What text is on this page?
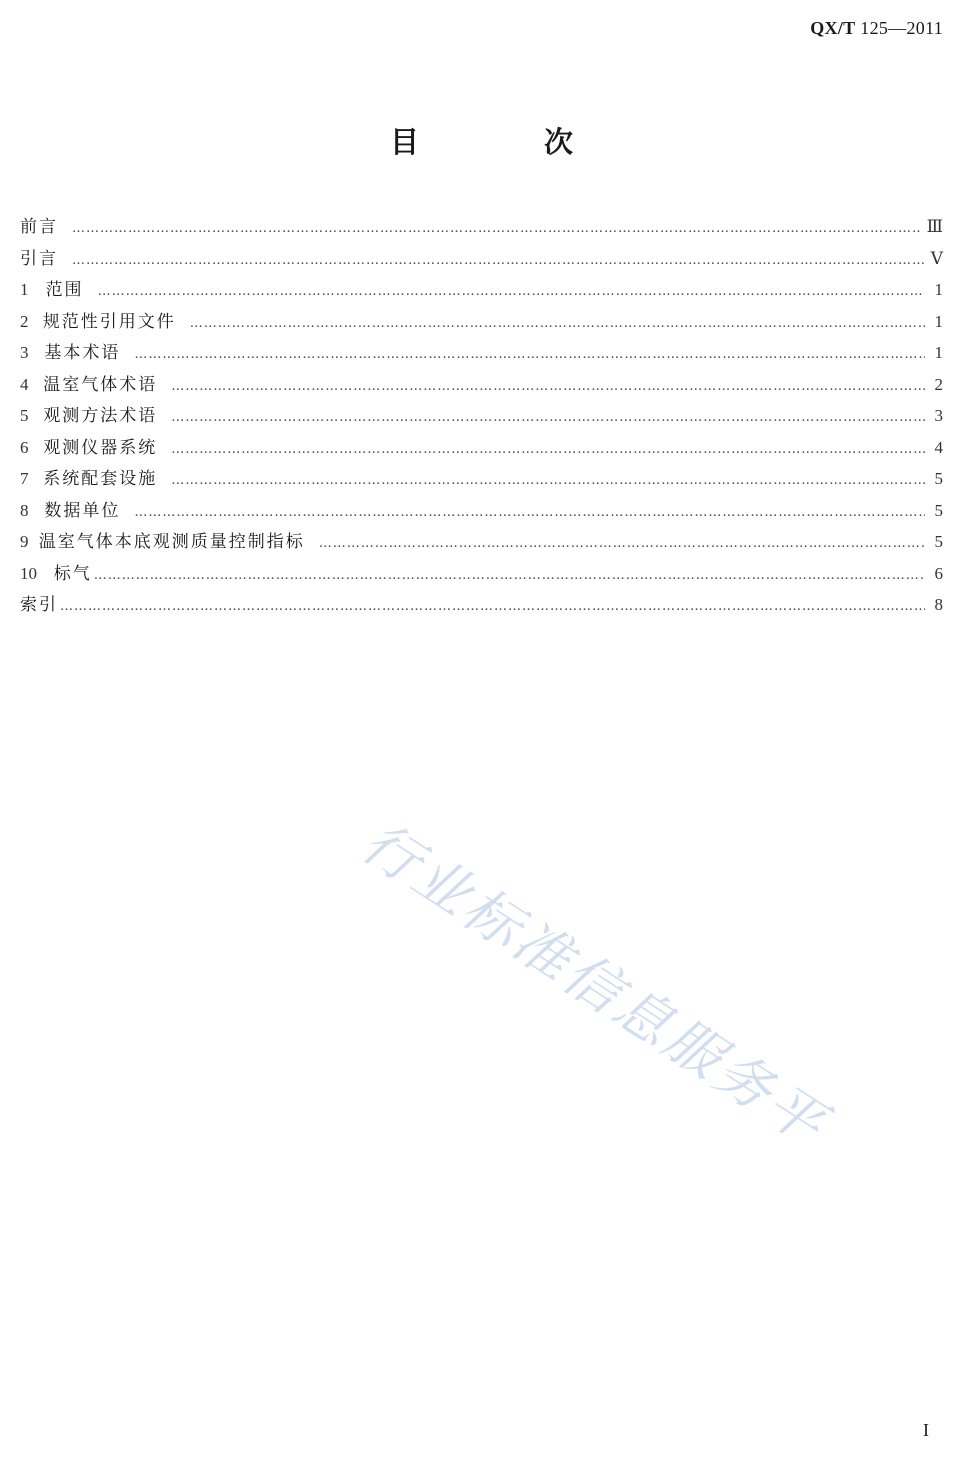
QX/T 125—2011
目　次
前言 ……………………………………………………………………………………………………………………………………………………………………………………………………	Ⅲ
引言 ……………………………………………………………………………………………………………………………………………………………………………………………………	Ⅴ
1	范围 ……………………………………………………………………………………………………………………………………………………………………………………………………	1
2 规范性引用文件 ……………………………………………………………………………………………………………………………………………………………………………………………………	1
3 基本术语 ……………………………………………………………………………………………………………………………………………………………………………………………………	1
4 温室气体术语 ……………………………………………………………………………………………………………………………………………………………………………………………………	2
5 观测方法术语 ……………………………………………………………………………………………………………………………………………………………………………………………………	3
6 观测仪器系统 ……………………………………………………………………………………………………………………………………………………………………………………………………	4
7 系统配套设施 ……………………………………………………………………………………………………………………………………………………………………………………………………	5
8 数据单位 ……………………………………………………………………………………………………………………………………………………………………………………………………	5
9 温室气体本底观测质量控制指标 ……………………………………………………………………………………………………………………………………………………………………………………………………	5
10 标气 ……………………………………………………………………………………………………………………………………………………………………………………………………	6
索引 ……………………………………………………………………………………………………………………………………………………………………………………………………	8
行业标准信息服务平
I
